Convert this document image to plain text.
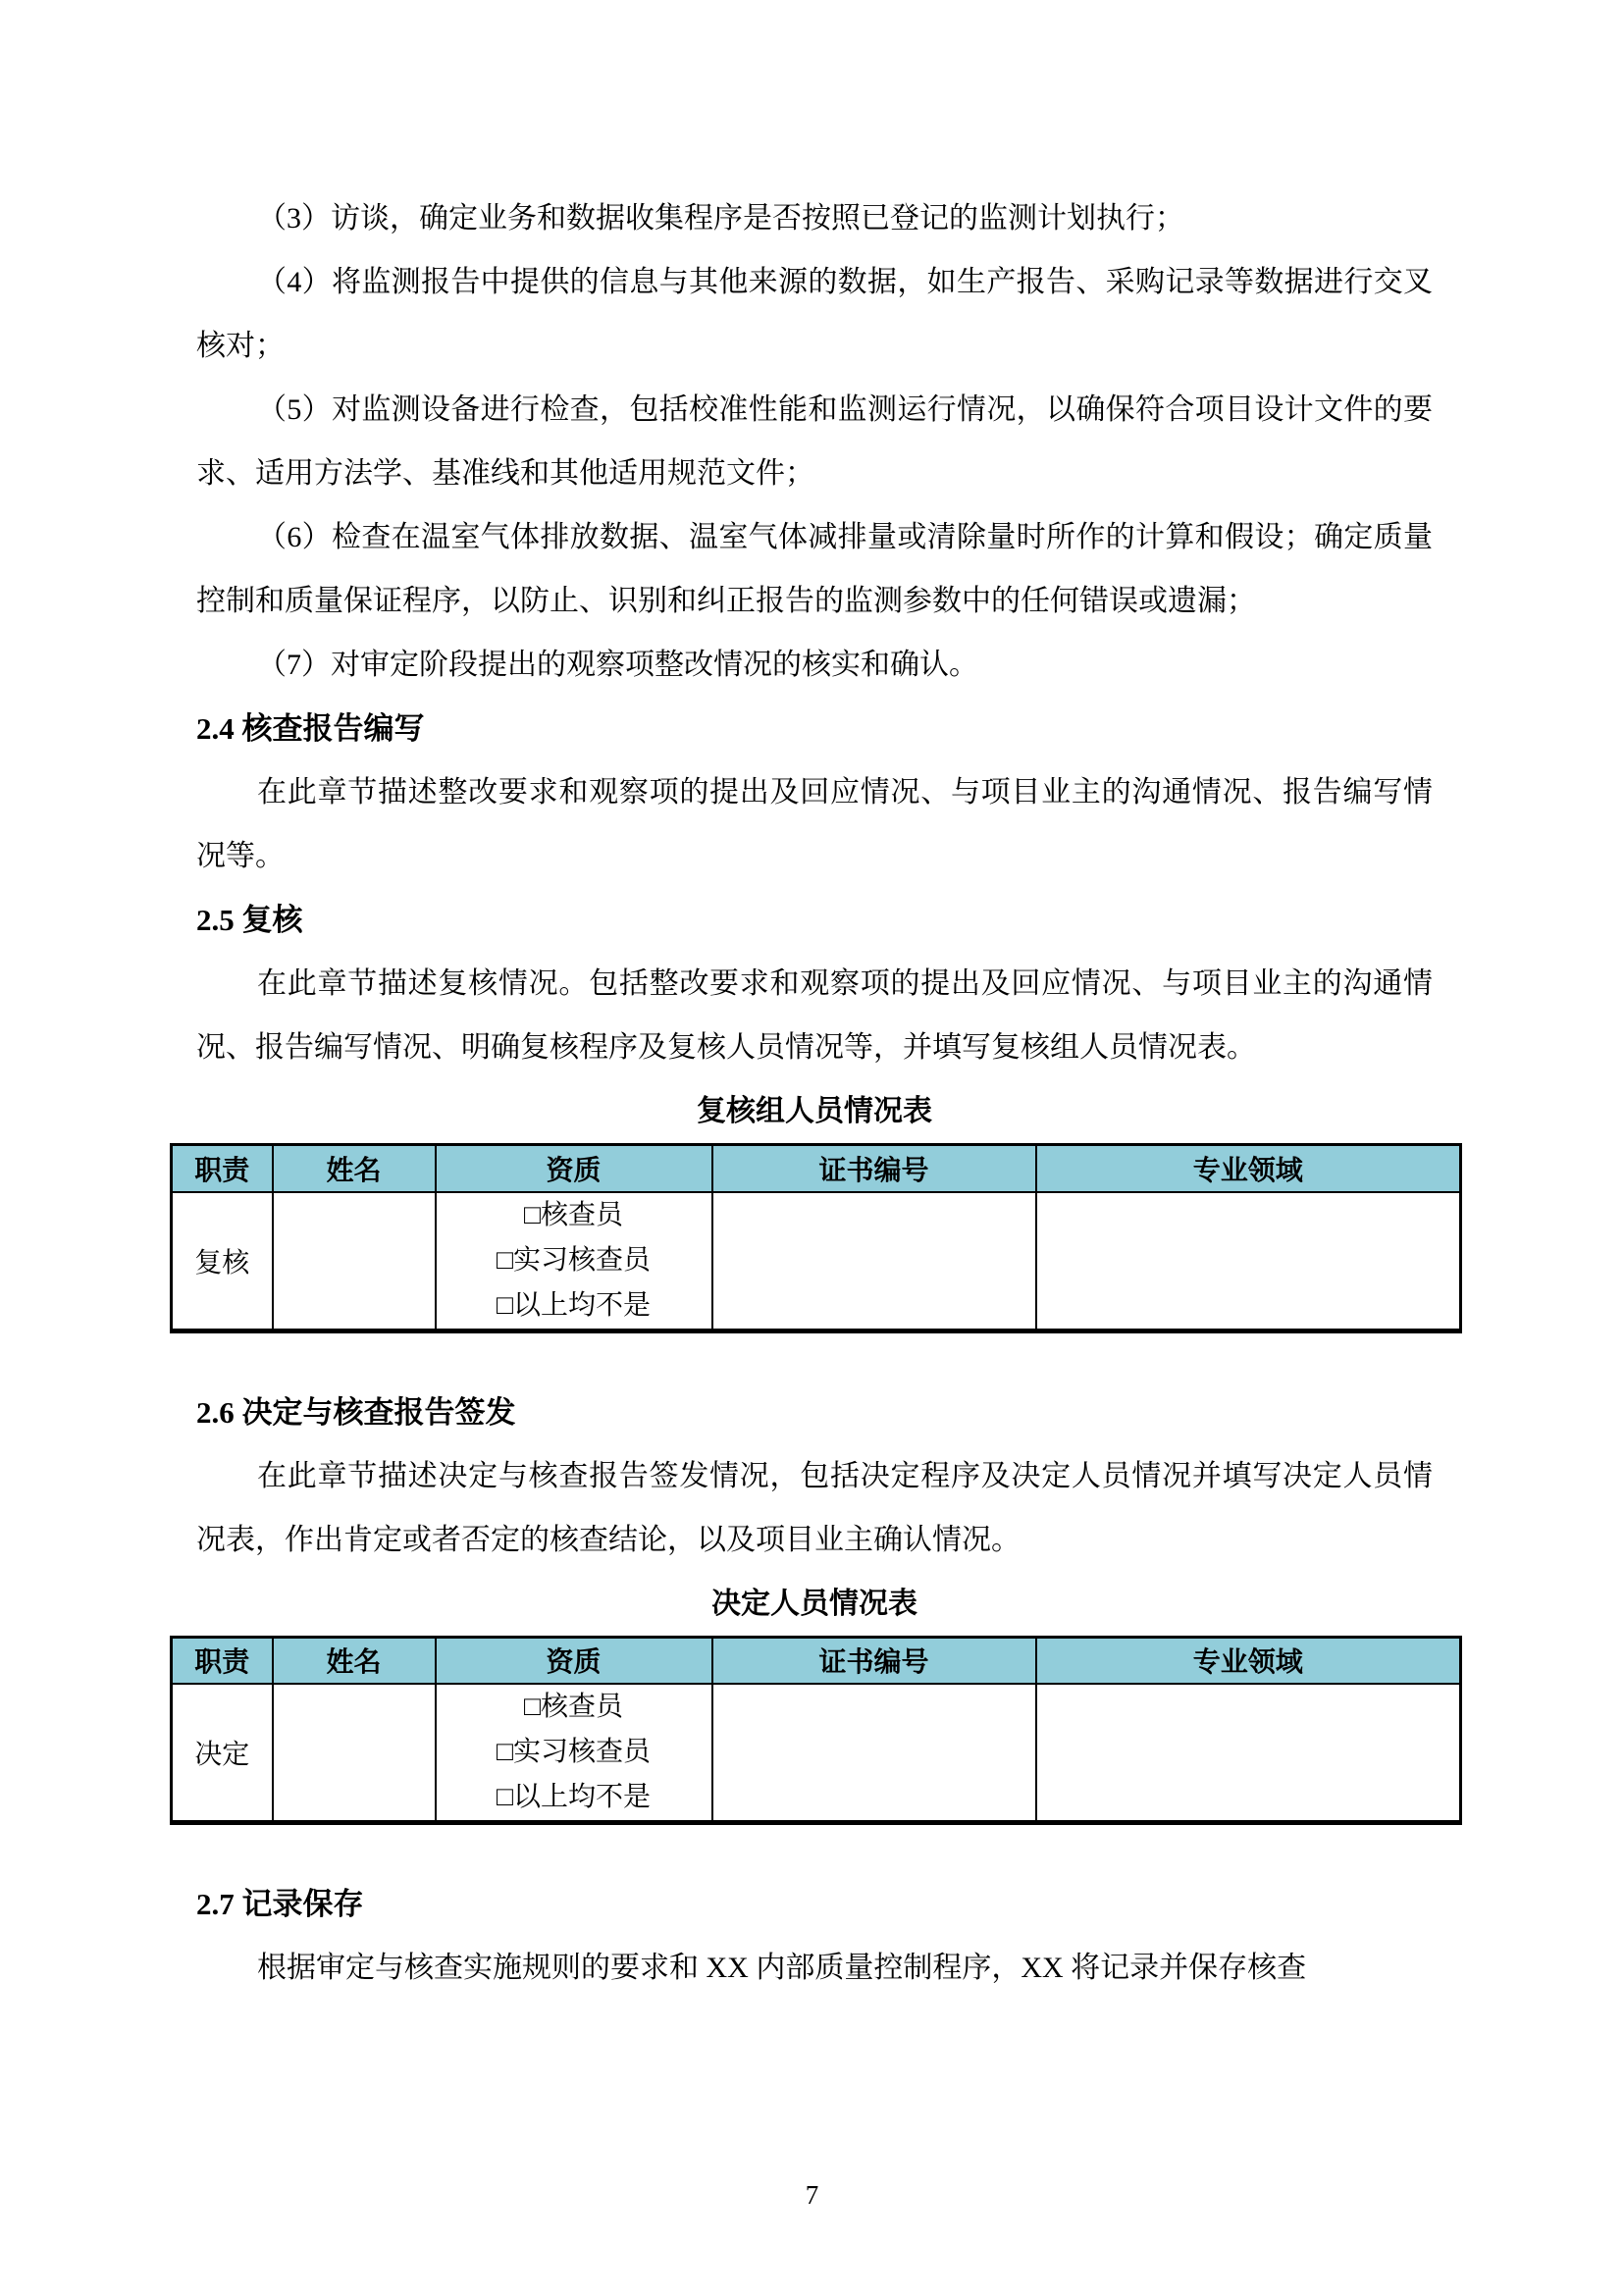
（3）访谈，确定业务和数据收集程序是否按照已登记的监测计划执行；

（4）将监测报告中提供的信息与其他来源的数据，如生产报告、采购记录等数据进行交叉核对；

（5）对监测设备进行检查，包括校准性能和监测运行情况，以确保符合项目设计文件的要求、适用方法学、基准线和其他适用规范文件；

（6）检查在温室气体排放数据、温室气体减排量或清除量时所作的计算和假设；确定质量控制和质量保证程序，以防止、识别和纠正报告的监测参数中的任何错误或遗漏；

（7）对审定阶段提出的观察项整改情况的核实和确认。

2.4 核查报告编写

在此章节描述整改要求和观察项的提出及回应情况、与项目业主的沟通情况、报告编写情况等。

2.5 复核

在此章节描述复核情况。包括整改要求和观察项的提出及回应情况、与项目业主的沟通情况、报告编写情况、明确复核程序及复核人员情况等，并填写复核组人员情况表。

复核组人员情况表
职责	姓名	资质	证书编号	专业领域
复核		□核查员
□实习核查员
□以上均不是		

2.6 决定与核查报告签发

在此章节描述决定与核查报告签发情况，包括决定程序及决定人员情况并填写决定人员情况表，作出肯定或者否定的核查结论，以及项目业主确认情况。

决定人员情况表
职责	姓名	资质	证书编号	专业领域
决定		□核查员
□实习核查员
□以上均不是		

2.7 记录保存

根据审定与核查实施规则的要求和 XX 内部质量控制程序，XX 将记录并保存核查

7
